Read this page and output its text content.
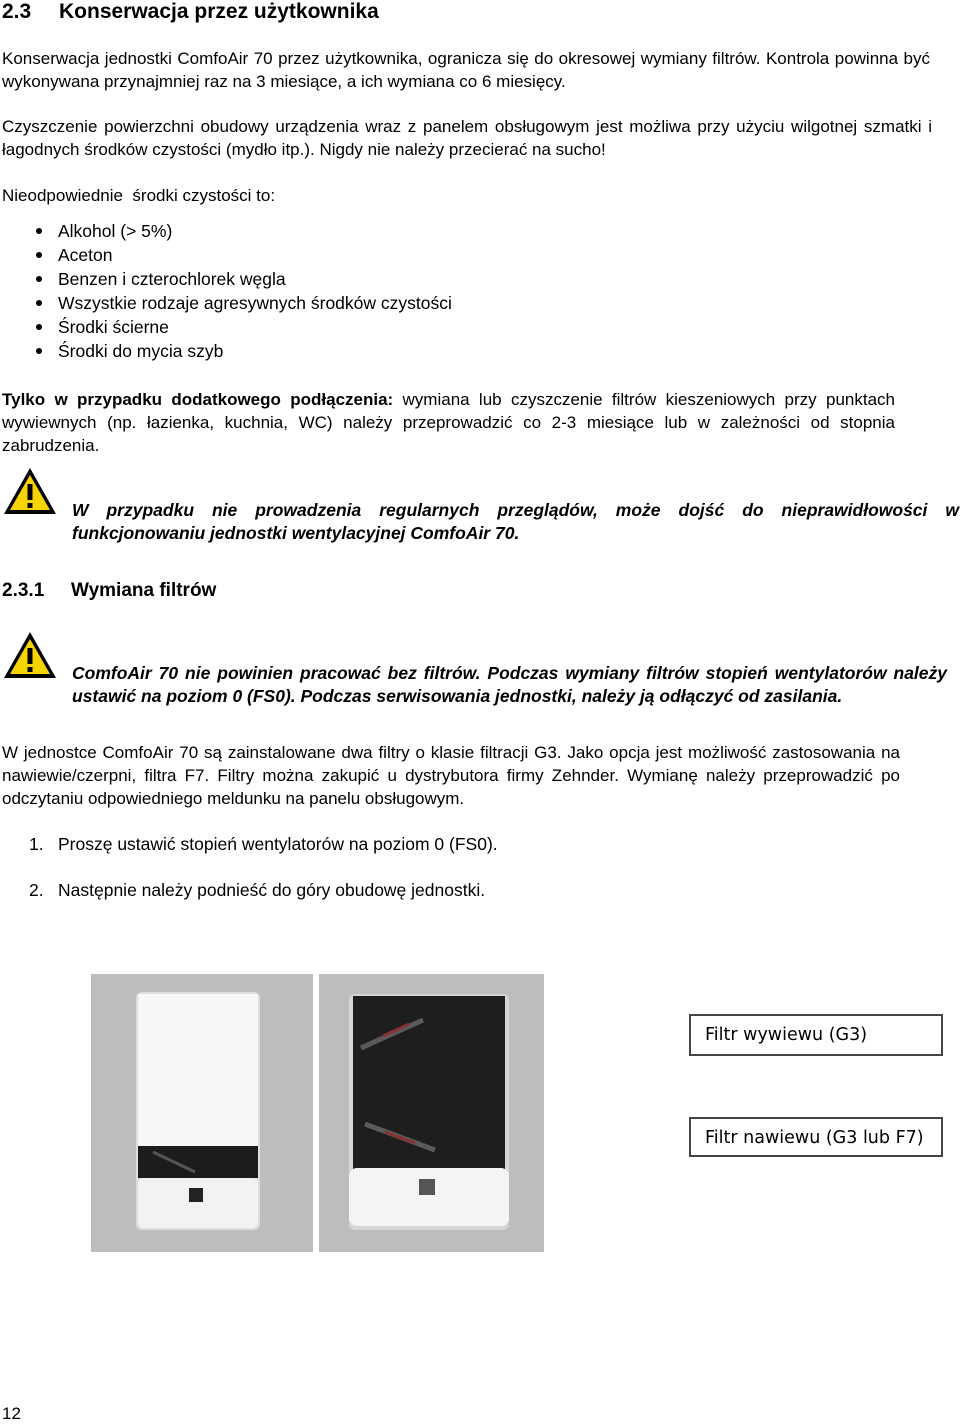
2.3 Konserwacja przez użytkownika

Konserwacja jednostki ComfoAir 70 przez użytkownika, ogranicza się do okresowej wymiany filtrów. Kontrola powinna być wykonywana przynajmniej raz na 3 miesiące, a ich wymiana co 6 miesięcy.

Czyszczenie powierzchni obudowy urządzenia wraz z panelem obsługowym jest możliwa przy użyciu wilgotnej szmatki i łagodnych środków czystości (mydło itp.). Nigdy nie należy przecierać na sucho!

Nieodpowiednie  środki czystości to:

Alkohol (> 5%)
Aceton
Benzen i czterochlorek węgla
Wszystkie rodzaje agresywnych środków czystości
Środki ścierne
Środki do mycia szyb

Tylko w przypadku dodatkowego podłączenia: wymiana lub czyszczenie filtrów kieszeniowych przy punktach wywiewnych (np. łazienka, kuchnia, WC) należy przeprowadzić co 2-3 miesiące lub w zależności od stopnia zabrudzenia.

W przypadku nie prowadzenia regularnych przeglądów, może dojść do nieprawidłowości w funkcjonowaniu jednostki wentylacyjnej ComfoAir 70.
2.3.1 Wymiana filtrów
ComfoAir 70 nie powinien pracować bez filtrów. Podczas wymiany filtrów stopień wentylatorów należy ustawić na poziom 0 (FS0). Podczas serwisowania jednostki, należy ją odłączyć od zasilania.

W jednostce ComfoAir 70 są zainstalowane dwa filtry o klasie filtracji G3. Jako opcja jest możliwość zastosowania na nawiewie/czerpni, filtra F7. Filtry można zakupić u dystrybutora firmy Zehnder. Wymianę należy przeprowadzić po odczytaniu odpowiedniego meldunku na panelu obsługowym.

1. Proszę ustawić stopień wentylatorów na poziom 0 (FS0).
2. Następnie należy podnieść do góry obudowę jednostki.
Filtr wywiewu (G3)
Filtr nawiewu (G3 lub F7)
12
